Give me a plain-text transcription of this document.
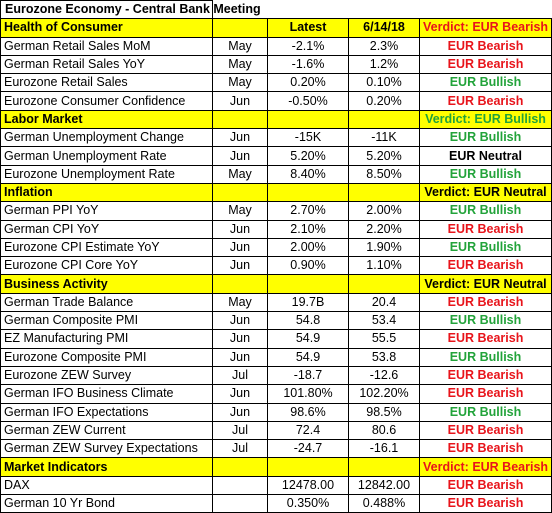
Eurozone Economy - Central Bank Meeting				
Health of Consumer		Latest	6/14/18	Verdict: EUR Bearish
German Retail Sales MoM	May	-2.1%	2.3%	EUR Bearish
German Retail Sales YoY	May	-1.6%	1.2%	EUR Bearish
Eurozone Retail Sales	May	0.20%	0.10%	EUR Bullish
Eurozone Consumer Confidence	Jun	-0.50%	0.20%	EUR Bearish
Labor Market				Verdict: EUR Bullish
German Unemployment Change	Jun	-15K	-11K	EUR Bullish
German Unemployment Rate	Jun	5.20%	5.20%	EUR Neutral
Eurozone Unemployment Rate	May	8.40%	8.50%	EUR Bullish
Inflation				Verdict: EUR Neutral
German PPI YoY	May	2.70%	2.00%	EUR Bullish
German CPI YoY	Jun	2.10%	2.20%	EUR Bearish
Eurozone CPI Estimate YoY	Jun	2.00%	1.90%	EUR Bullish
Eurozone CPI Core YoY	Jun	0.90%	1.10%	EUR Bearish
Business Activity				Verdict: EUR Neutral
German Trade Balance	May	19.7B	20.4	EUR Bearish
German Composite PMI	Jun	54.8	53.4	EUR Bullish
EZ Manufacturing PMI	Jun	54.9	55.5	EUR Bearish
Eurozone Composite PMI	Jun	54.9	53.8	EUR Bullish
Eurozone ZEW Survey	Jul	-18.7	-12.6	EUR Bearish
German IFO Business Climate	Jun	101.80%	102.20%	EUR Bearish
German IFO Expectations	Jun	98.6%	98.5%	EUR Bullish
German ZEW Current	Jul	72.4	80.6	EUR Bearish
German ZEW Survey Expectations	Jul	-24.7	-16.1	EUR Bearish
Market Indicators				Verdict: EUR Bearish
DAX		12478.00	12842.00	EUR Bearish
German 10 Yr Bond		0.350%	0.488%	EUR Bearish
